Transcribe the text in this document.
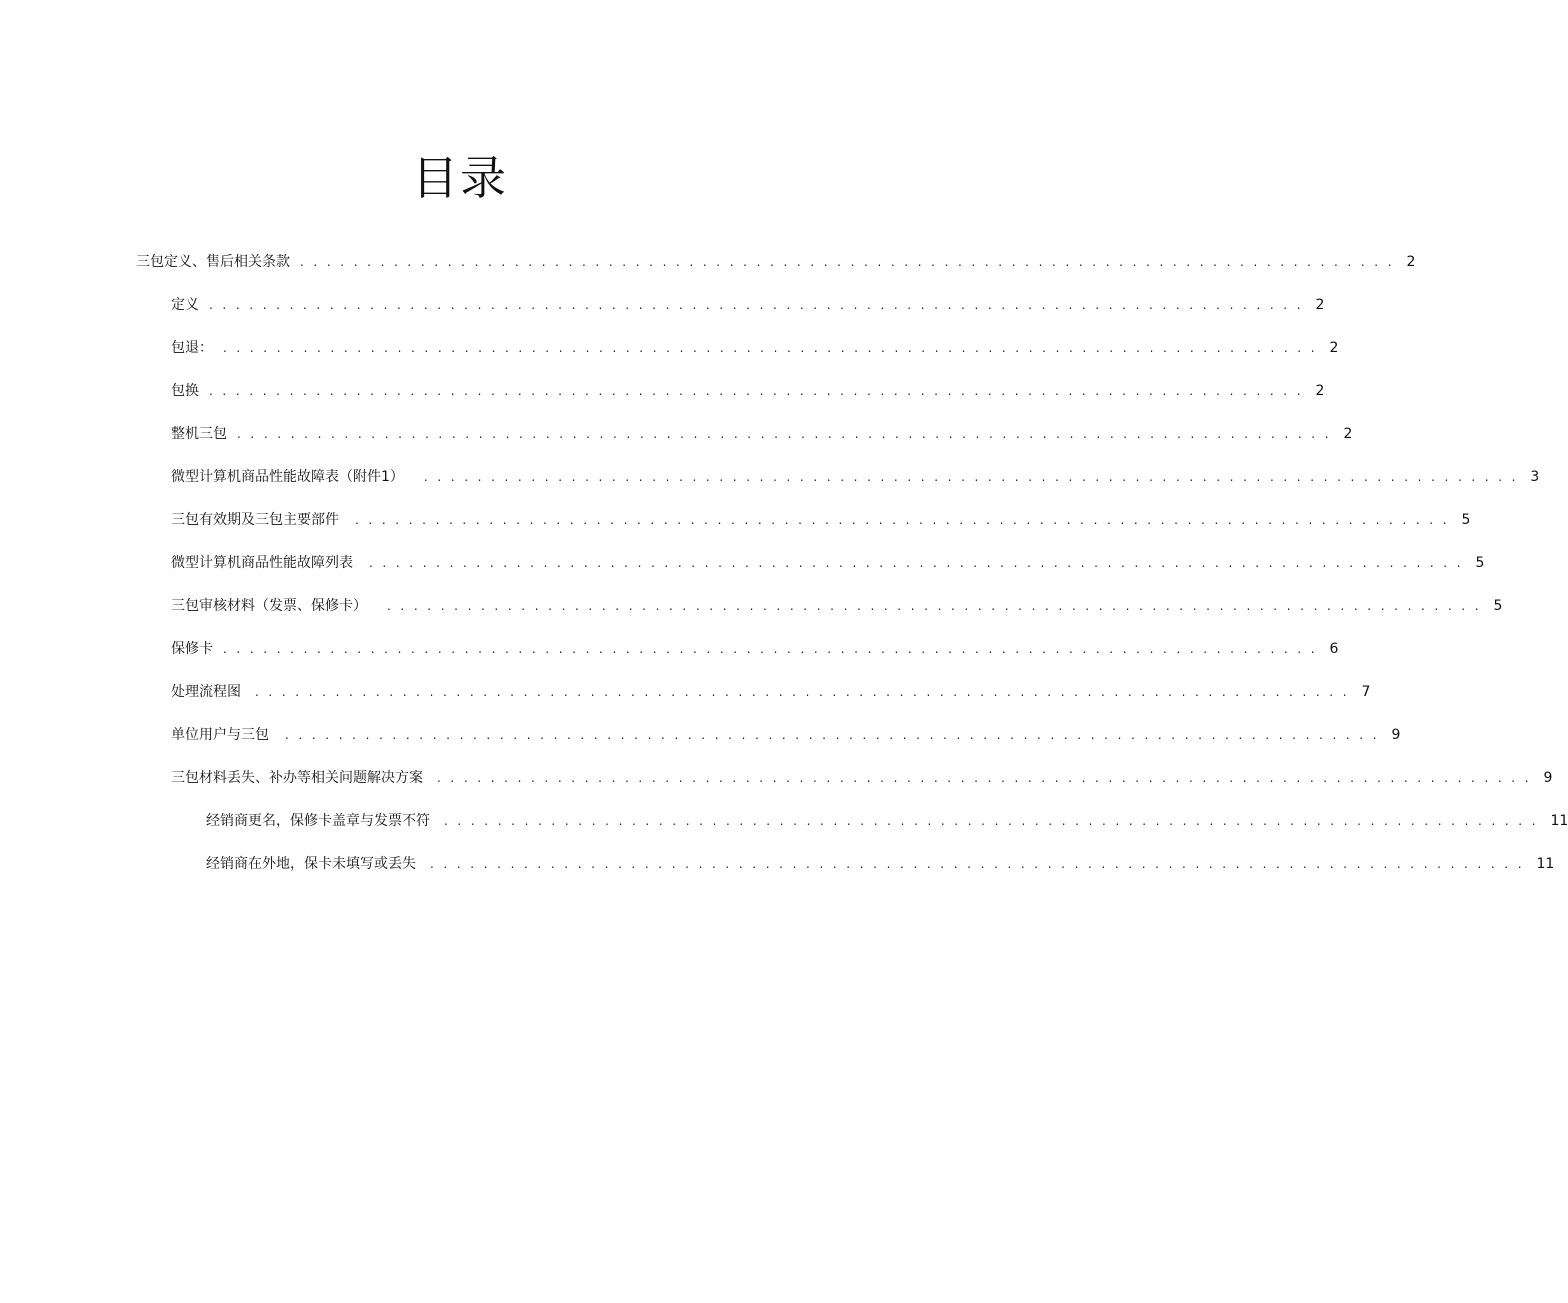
目录
三包定义、售后相关条款 . . . . . . . . . . . . . . . . . . . . . . . . . . . . . . . . . . . . . . . . . . . . . . . . . . . . . . . . . . . . . . . . . . . . . . . . . . . . . . . . . . 2
定义 . . . . . . . . . . . . . . . . . . . . . . . . . . . . . . . . . . . . . . . . . . . . . . . . . . . . . . . . . . . . . . . . . . . . . . . . . . . . . . . . . . 2
包退： . . . . . . . . . . . . . . . . . . . . . . . . . . . . . . . . . . . . . . . . . . . . . . . . . . . . . . . . . . . . . . . . . . . . . . . . . . . . . . . . . . 2
包换 . . . . . . . . . . . . . . . . . . . . . . . . . . . . . . . . . . . . . . . . . . . . . . . . . . . . . . . . . . . . . . . . . . . . . . . . . . . . . . . . . . 2
整机三包 . . . . . . . . . . . . . . . . . . . . . . . . . . . . . . . . . . . . . . . . . . . . . . . . . . . . . . . . . . . . . . . . . . . . . . . . . . . . . . . . . . 2
微型计算机商品性能故障表（附件 1）	. . . . . . . . . . . . . . . . . . . . . . . . . . . . . . . . . . . . . . . . . . . . . . . . . . . . . . . . . . . . . . . . . . . . . . . . . . . . . . . . . . 3
三包有效期及三包主要部件	. . . . . . . . . . . . . . . . . . . . . . . . . . . . . . . . . . . . . . . . . . . . . . . . . . . . . . . . . . . . . . . . . . . . . . . . . . . . . . . . . . 5
微型计算机商品性能故障列表	. . . . . . . . . . . . . . . . . . . . . . . . . . . . . . . . . . . . . . . . . . . . . . . . . . . . . . . . . . . . . . . . . . . . . . . . . . . . . . . . . . 5
三包审核材料（发票、保修卡）	. . . . . . . . . . . . . . . . . . . . . . . . . . . . . . . . . . . . . . . . . . . . . . . . . . . . . . . . . . . . . . . . . . . . . . . . . . . . . . . . . . 5
保修卡 . . . . . . . . . . . . . . . . . . . . . . . . . . . . . . . . . . . . . . . . . . . . . . . . . . . . . . . . . . . . . . . . . . . . . . . . . . . . . . . . . . 6
处理流程图	. . . . . . . . . . . . . . . . . . . . . . . . . . . . . . . . . . . . . . . . . . . . . . . . . . . . . . . . . . . . . . . . . . . . . . . . . . . . . . . . . . 7
单位用户与三包	. . . . . . . . . . . . . . . . . . . . . . . . . . . . . . . . . . . . . . . . . . . . . . . . . . . . . . . . . . . . . . . . . . . . . . . . . . . . . . . . . . 9
三包材料丢失、补办等相关问题解决方案	. . . . . . . . . . . . . . . . . . . . . . . . . . . . . . . . . . . . . . . . . . . . . . . . . . . . . . . . . . . . . . . . . . . . . . . . . . . . . . . . . . 9
经销商更名，保修卡盖章与发票不符	. . . . . . . . . . . . . . . . . . . . . . . . . . . . . . . . . . . . . . . . . . . . . . . . . . . . . . . . . . . . . . . . . . . . . . . . . . . . . . . . . . 11
经销商在外地，保卡未填写或丢失	. . . . . . . . . . . . . . . . . . . . . . . . . . . . . . . . . . . . . . . . . . . . . . . . . . . . . . . . . . . . . . . . . . . . . . . . . . . . . . . . . . 11
